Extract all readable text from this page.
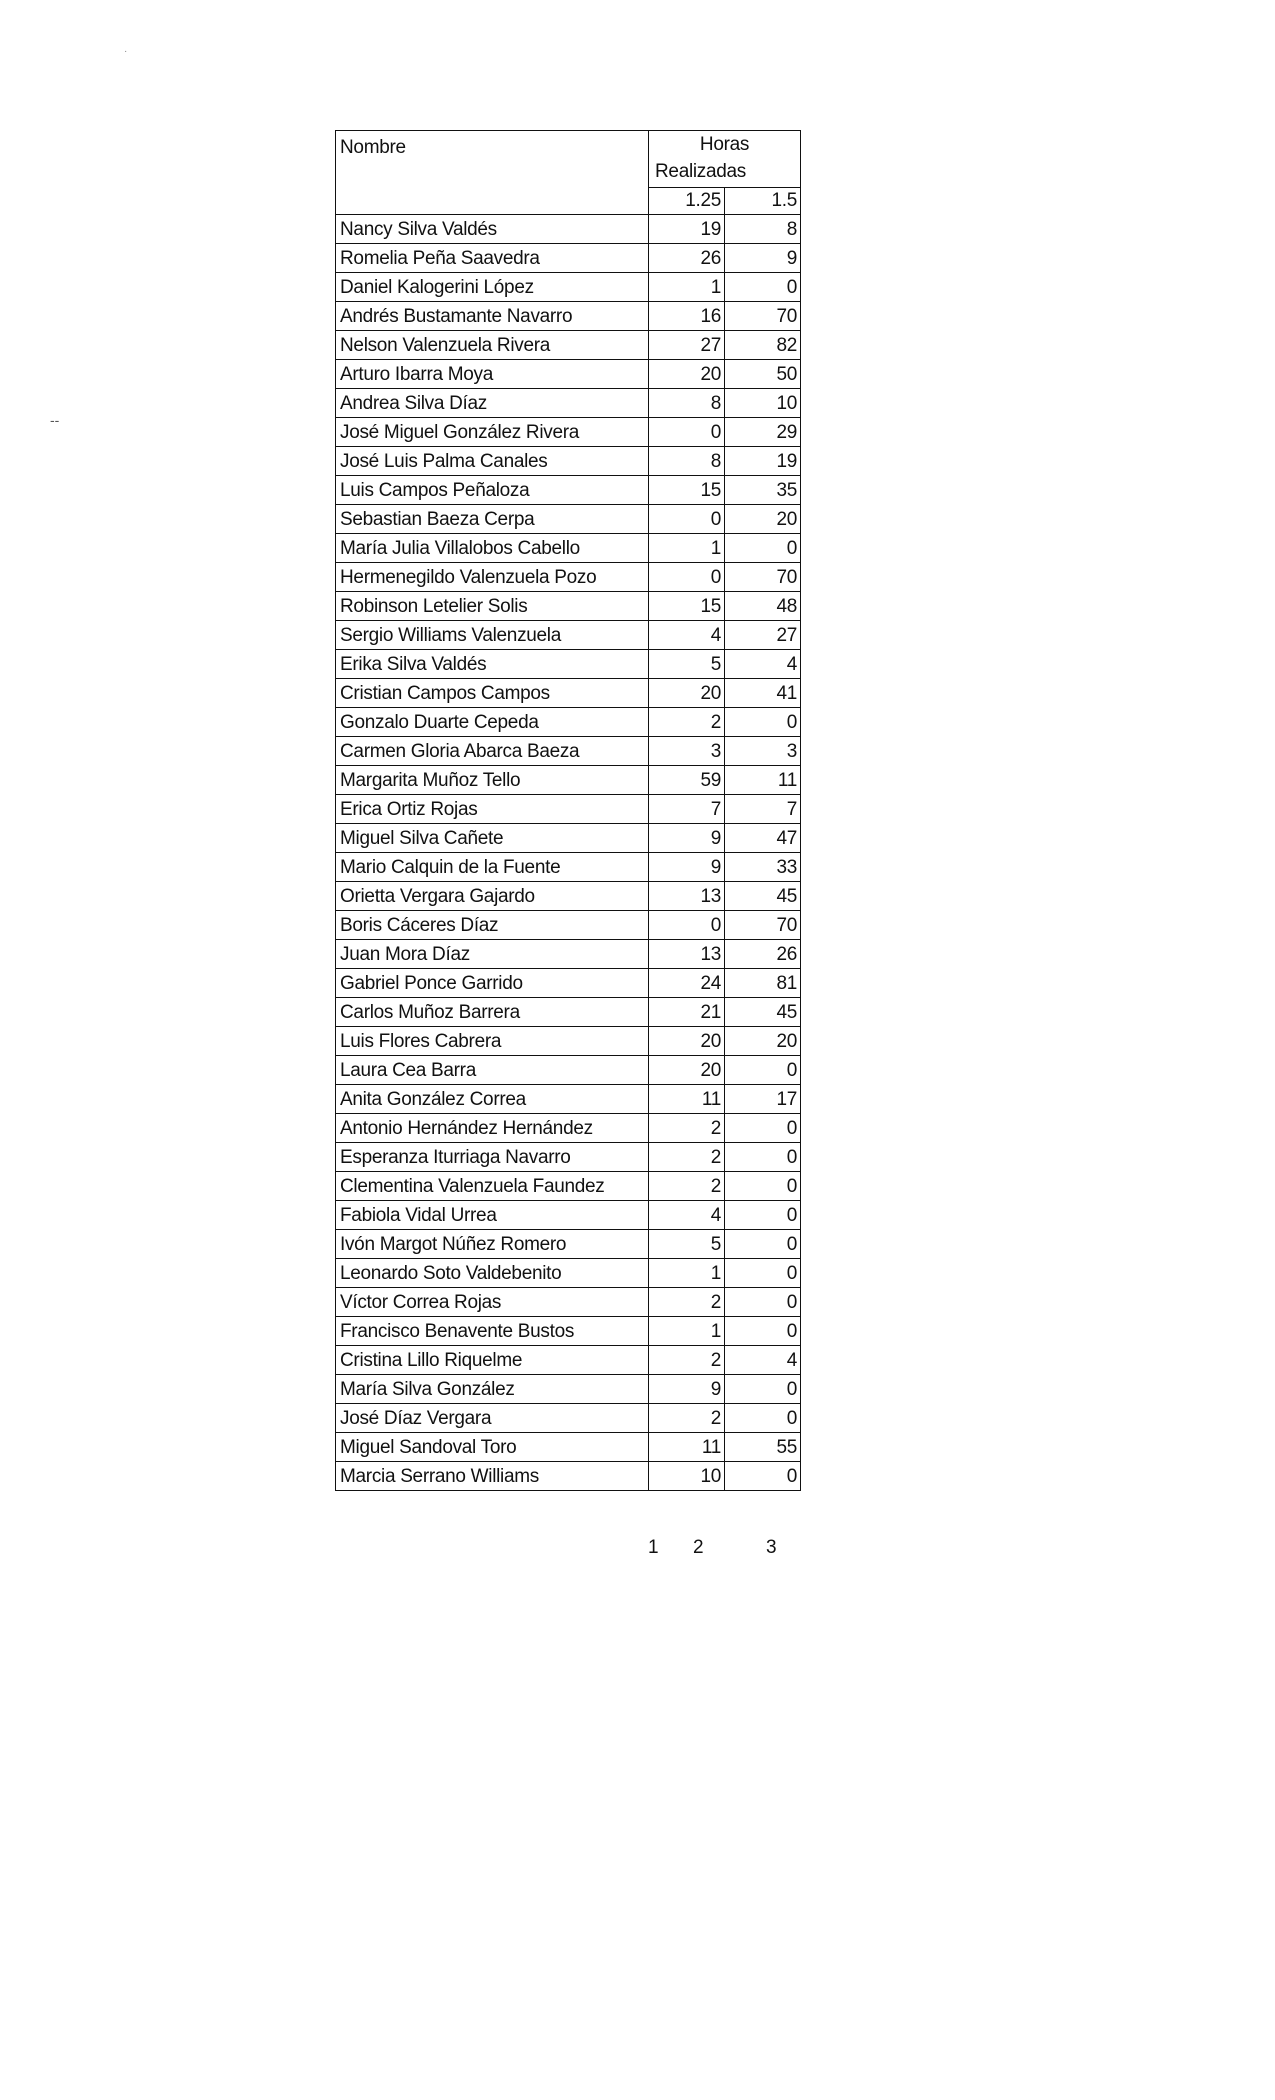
·
--
Nombre	Horas
Realizadas	

	1.25	1.5
Nancy Silva Valdés	19	8
Romelia Peña Saavedra	26	9
Daniel Kalogerini López	1	0
Andrés Bustamante Navarro	16	70
Nelson Valenzuela Rivera	27	82
Arturo Ibarra Moya	20	50
Andrea Silva Díaz	8	10
José Miguel González Rivera	0	29
José Luis Palma Canales	8	19
Luis Campos Peñaloza	15	35
Sebastian Baeza Cerpa	0	20
María Julia Villalobos Cabello	1	0
Hermenegildo Valenzuela Pozo	0	70
Robinson Letelier Solis	15	48
Sergio Williams Valenzuela	4	27
Erika Silva Valdés	5	4
Cristian Campos Campos	20	41
Gonzalo Duarte Cepeda	2	0
Carmen Gloria Abarca Baeza	3	3
Margarita Muñoz Tello	59	11
Erica Ortiz Rojas	7	7
Miguel Silva Cañete	9	47
Mario Calquin de la Fuente	9	33
Orietta Vergara Gajardo	13	45
Boris Cáceres Díaz	0	70
Juan Mora Díaz	13	26
Gabriel Ponce Garrido	24	81
Carlos Muñoz Barrera	21	45
Luis Flores Cabrera	20	20
Laura Cea Barra	20	0
Anita González Correa	11	17
Antonio Hernández Hernández	2	0
Esperanza Iturriaga Navarro	2	0
Clementina Valenzuela Faundez	2	0
Fabiola Vidal Urrea	4	0
Ivón Margot Núñez Romero	5	0
Leonardo Soto Valdebenito	1	0
Víctor Correa Rojas	2	0
Francisco Benavente Bustos	1	0
Cristina Lillo Riquelme	2	4
María Silva González	9	0
José Díaz Vergara	2	0
Miguel Sandoval Toro	11	55
Marcia Serrano Williams	10	0
1 2	3
